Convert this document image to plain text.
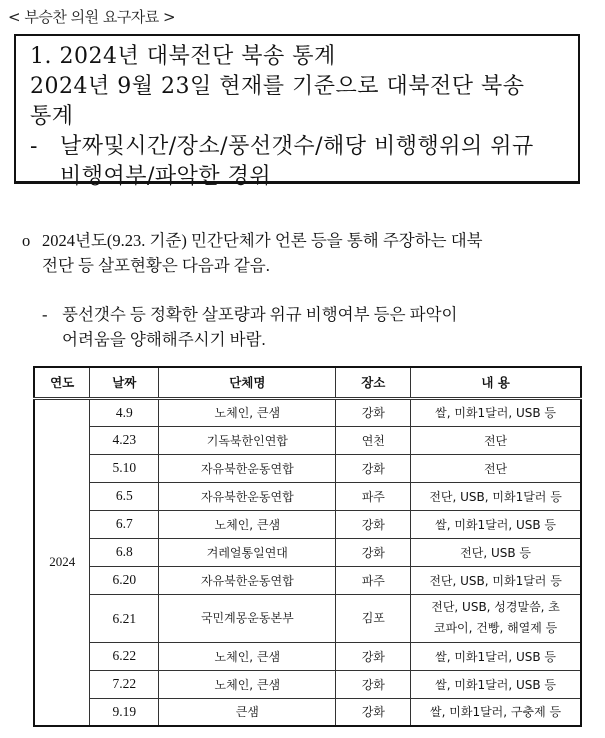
< 부승찬 의원 요구자료 >
1. 2024년 대북전단 북송 통계
2024년 9월 23일 현재를 기준으로 대북전단 북송
통계
- 날짜및시간/장소/풍선갯수/해당 비행행위의 위규
비행여부/파악한 경위
o 2024년도(9.23. 기준) 민간단체가 언론 등을 통해 주장하는 대북
전단 등 살포현황은 다음과 같음.
- 풍선갯수 등 정확한 살포량과 위규 비행여부 등은 파악이
어려움을 양해해주시기 바람.
연도	날짜	단체명	장소	내 용
2024	4.9	노체인, 큰샘	강화	쌀, 미화1달러, USB 등
	4.23	기독북한인연합	연천	전단
	5.10	자유북한운동연합	강화	전단
	6.5	자유북한운동연합	파주	전단, USB, 미화1달러 등
	6.7	노체인, 큰샘	강화	쌀, 미화1달러, USB 등
	6.8	겨레얼통일연대	강화	전단, USB 등
	6.20	자유북한운동연합	파주	전단, USB, 미화1달러 등
	6.21	국민계몽운동본부	김포	전단, USB, 성경말씀, 초
코파이, 건빵, 해열제 등

	6.22	노체인, 큰샘	강화	쌀, 미화1달러, USB 등
	7.22	노체인, 큰샘	강화	쌀, 미화1달러, USB 등
	9.19	큰샘	강화	쌀, 미화1달러, 구충제 등
